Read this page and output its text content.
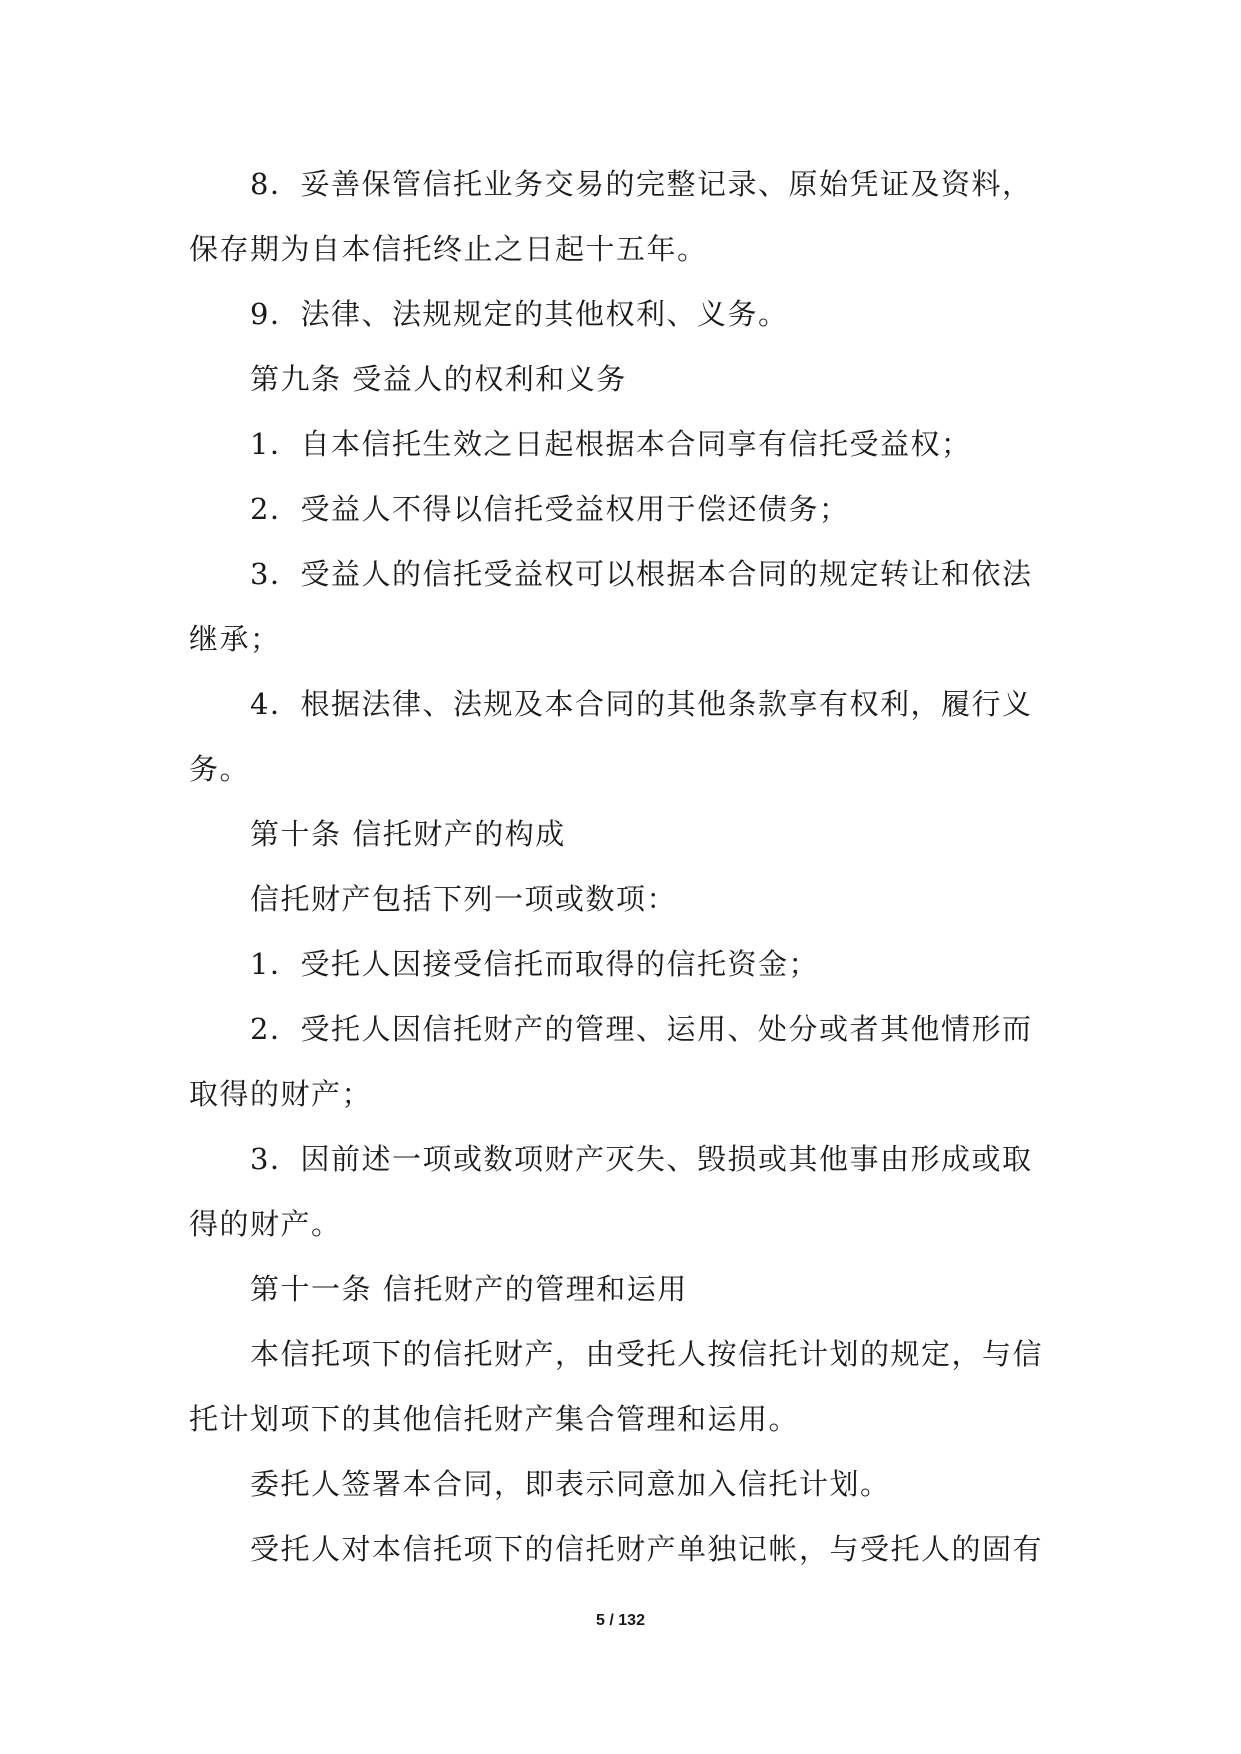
8．妥善保管信托业务交易的完整记录、原始凭证及资料，
保存期为自本信托终止之日起十五年。
9．法律、法规规定的其他权利、义务。
第九条 受益人的权利和义务
1．自本信托生效之日起根据本合同享有信托受益权；
2．受益人不得以信托受益权用于偿还债务；
3．受益人的信托受益权可以根据本合同的规定转让和依法
继承；
4．根据法律、法规及本合同的其他条款享有权利，履行义
务。
第十条 信托财产的构成
信托财产包括下列一项或数项：
1．受托人因接受信托而取得的信托资金；
2．受托人因信托财产的管理、运用、处分或者其他情形而
取得的财产；
3．因前述一项或数项财产灭失、毁损或其他事由形成或取
得的财产。
第十一条 信托财产的管理和运用
本信托项下的信托财产，由受托人按信托计划的规定，与信
托计划项下的其他信托财产集合管理和运用。
委托人签署本合同，即表示同意加入信托计划。
受托人对本信托项下的信托财产单独记帐，与受托人的固有
5 / 132
